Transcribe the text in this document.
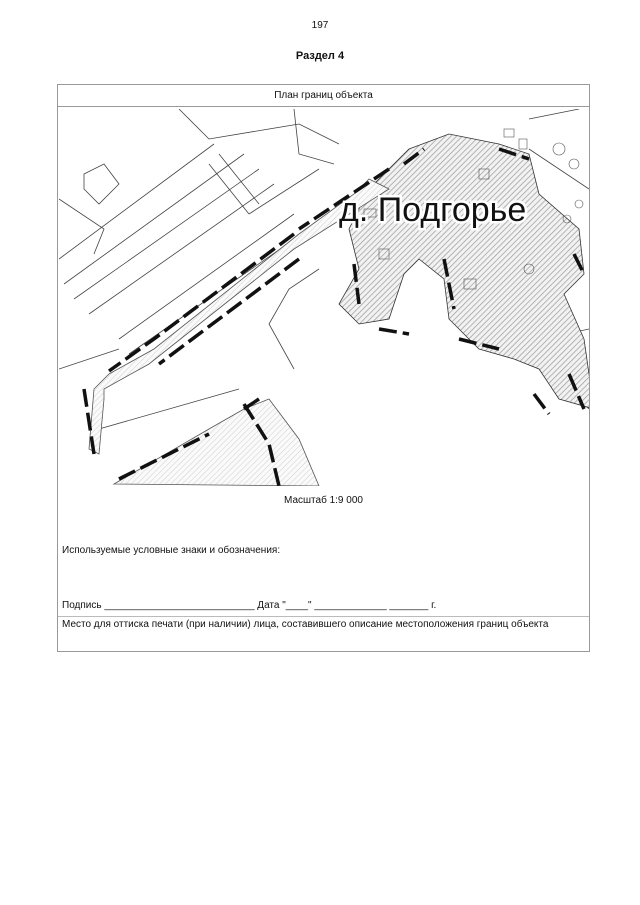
197
Раздел 4
План границ объекта
д. Подгорье
Масштаб 1:9 000
Используемые условные знаки и обозначения:
Подпись ___________________________ Дата "____" _____________ _______ г.
Место для оттиска печати (при наличии) лица, составившего описание местоположения границ объекта
